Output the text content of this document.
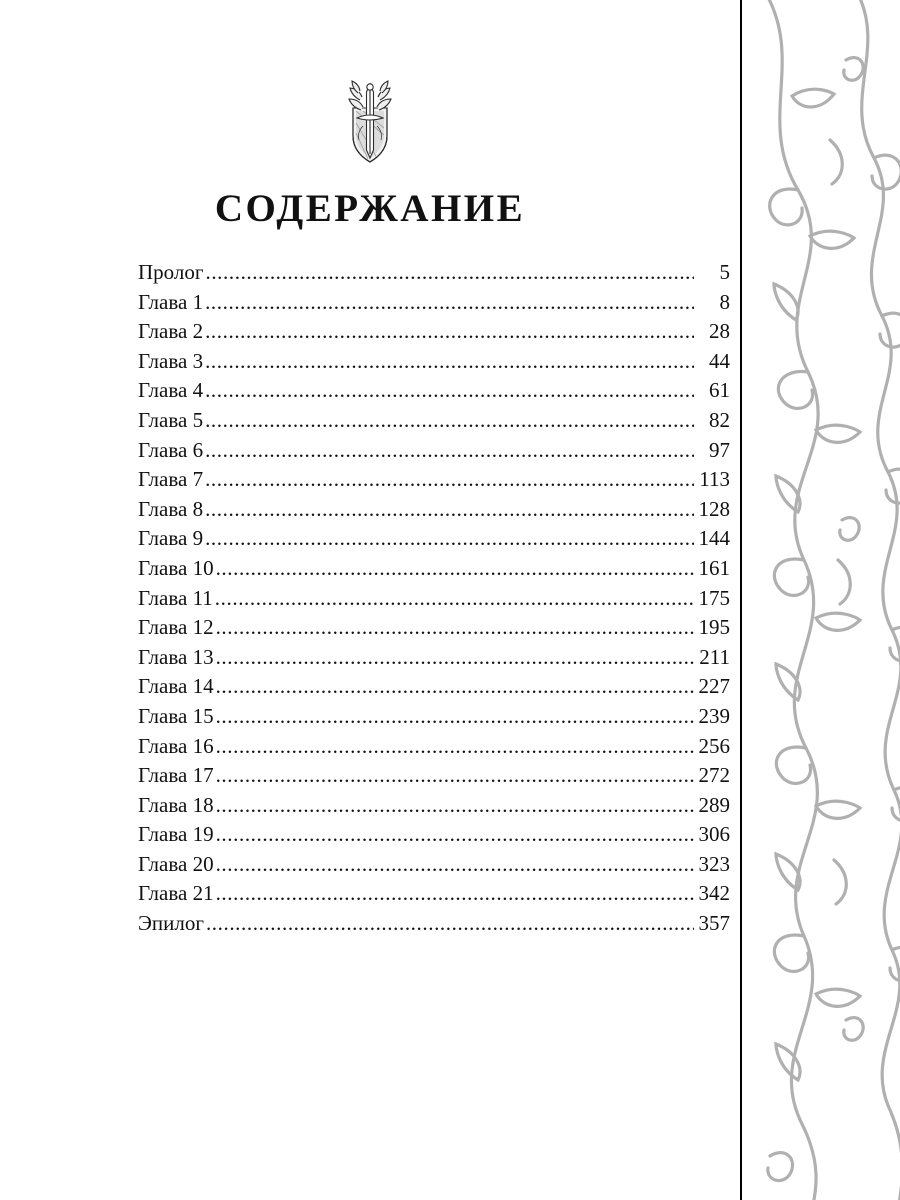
СОДЕРЖАНИЕ
Пролог .....	5
Глава 1 .....	8
Глава 2 .....	28
Глава 3 .....	44
Глава 4 .....	61
Глава 5 .....	82
Глава 6 .....	97
Глава 7 .....	113
Глава 8 .....	128
Глава 9 .....	144
Глава 10 .....	161
Глава 11 .....	175
Глава 12 .....	195
Глава 13 .....	211
Глава 14 .....	227
Глава 15 .....	239
Глава 16 .....	256
Глава 17 .....	272
Глава 18 .....	289
Глава 19 .....	306
Глава 20 .....	323
Глава 21 .....	342
Эпилог .....	357
